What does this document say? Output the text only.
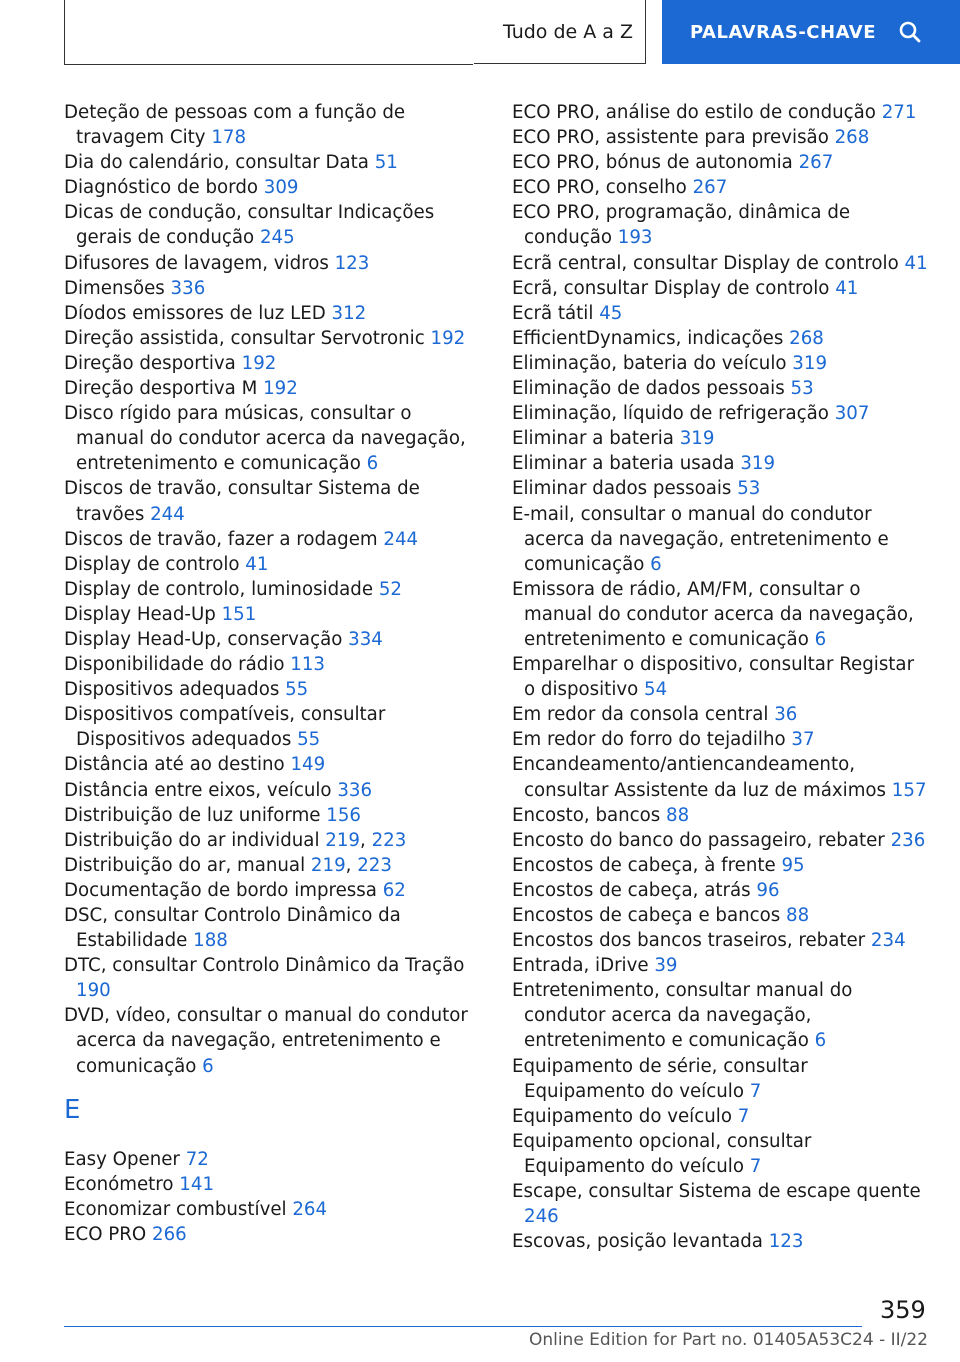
Tudo de A a Z	PALAVRAS-CHAVE

Deteção de pessoas com a função de travagem City 178

Dia do calendário, consultar Data 51

Diagnóstico de bordo 309

Dicas de condução, consultar Indicações gerais de condução 245

Difusores de lavagem, vidros 123

Dimensões 336

Díodos emissores de luz LED 312

Direção assistida, consultar Servotronic 192

Direção desportiva 192

Direção desportiva M 192

Disco rígido para músicas, consultar o manual do condutor acerca da navegação, entretenimento e comunicação 6

Discos de travão, consultar Sistema de travões 244

Discos de travão, fazer a rodagem 244

Display de controlo 41

Display de controlo, luminosidade 52

Display Head-Up 151

Display Head-Up, conservação 334

Disponibilidade do rádio 113

Dispositivos adequados 55

Dispositivos compatíveis, consultar Dispositivos adequados 55

Distância até ao destino 149

Distância entre eixos, veículo 336

Distribuição de luz uniforme 156

Distribuição do ar individual 219, 223

Distribuição do ar, manual 219, 223

Documentação de bordo impressa 62

DSC, consultar Controlo Dinâmico da Estabilidade 188

DTC, consultar Controlo Dinâmico da Tração 190

DVD, vídeo, consultar o manual do condutor acerca da navegação, entretenimento e comunicação 6

E

Easy Opener 72

Económetro 141

Economizar combustível 264

ECO PRO 266

ECO PRO, análise do estilo de condução 271

ECO PRO, assistente para previsão 268

ECO PRO, bónus de autonomia 267

ECO PRO, conselho 267

ECO PRO, programação, dinâmica de condução 193

Ecrã central, consultar Display de controlo 41

Ecrã, consultar Display de controlo 41

Ecrã tátil 45

EfficientDynamics, indicações 268

Eliminação, bateria do veículo 319

Eliminação de dados pessoais 53

Eliminação, líquido de refrigeração 307

Eliminar a bateria 319

Eliminar a bateria usada 319

Eliminar dados pessoais 53

E-mail, consultar o manual do condutor acerca da navegação, entretenimento e comunicação 6

Emissora de rádio, AM/FM, consultar o manual do condutor acerca da navegação, entretenimento e comunicação 6

Emparelhar o dispositivo, consultar Registar o dispositivo 54

Em redor da consola central 36

Em redor do forro do tejadilho 37

Encandeamento/antiencandeamento, consultar Assistente da luz de máximos 157

Encosto, bancos 88

Encosto do banco do passageiro, rebater 236

Encostos de cabeça, à frente 95

Encostos de cabeça, atrás 96

Encostos de cabeça e bancos 88

Encostos dos bancos traseiros, rebater 234

Entrada, iDrive 39

Entretenimento, consultar manual do condutor acerca da navegação, entretenimento e comunicação 6

Equipamento de série, consultar Equipamento do veículo 7

Equipamento do veículo 7

Equipamento opcional, consultar Equipamento do veículo 7

Escape, consultar Sistema de escape quente 246

Escovas, posição levantada 123

359
Online Edition for Part no. 01405A53C24 - II/22
